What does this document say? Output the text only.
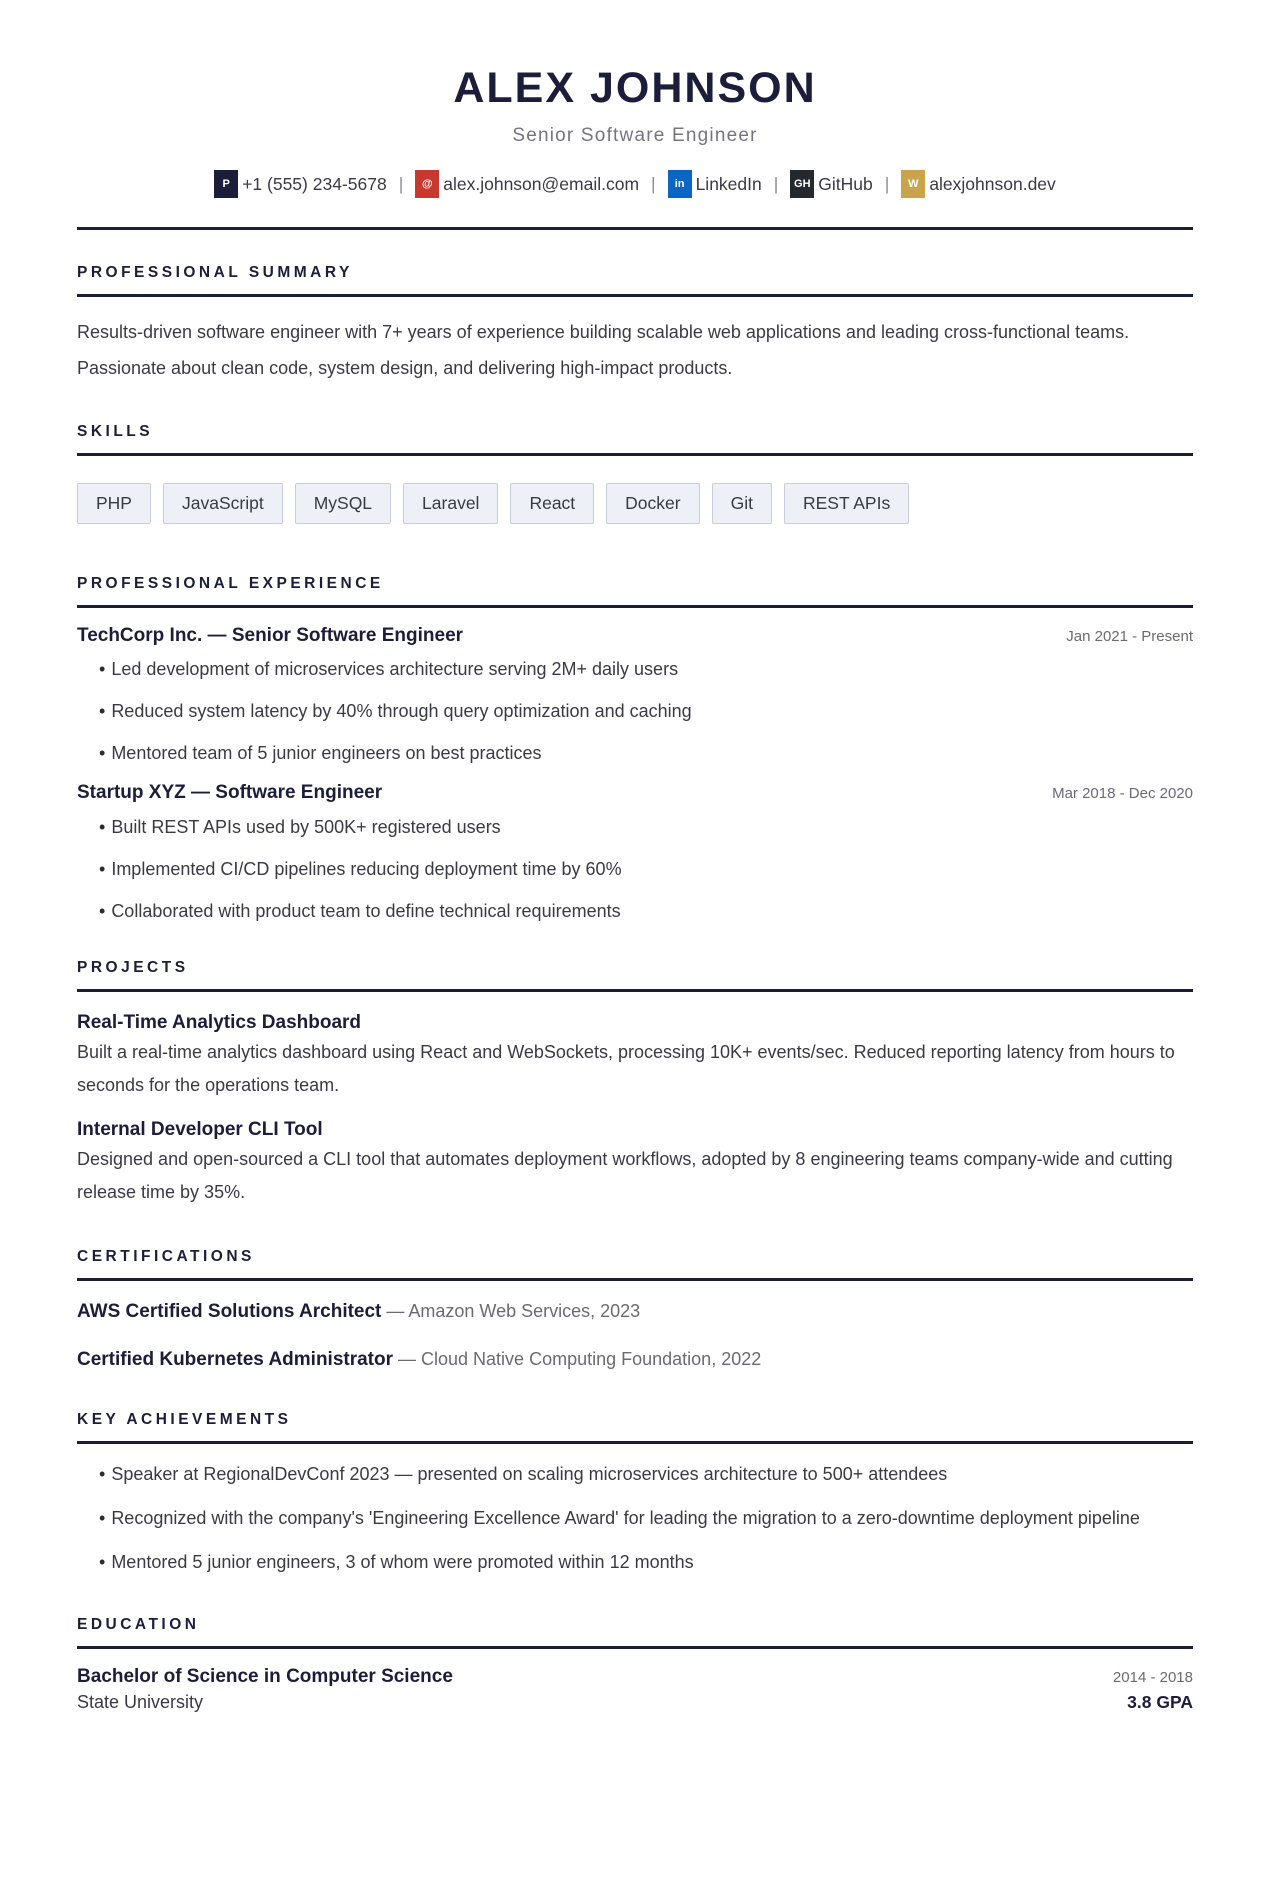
ALEX JOHNSON
Senior Software Engineer
P +1 (555) 234-5678 |	@ alex.johnson@email.com |	in LinkedIn |	GH GitHub |	W alexjohnson.dev
PROFESSIONAL SUMMARY

Results-driven software engineer with 7+ years of experience building scalable web applications and leading cross-functional teams. Passionate about clean code, system design, and delivering high-impact products.

SKILLS
PHP	JavaScript	MySQL	Laravel	React	Docker	Git	REST APIs
PROFESSIONAL EXPERIENCE
TechCorp Inc. — Senior Software Engineer	Jan 2021 - Present
• Led development of microservices architecture serving 2M+ daily users
• Reduced system latency by 40% through query optimization and caching
• Mentored team of 5 junior engineers on best practices
Startup XYZ — Software Engineer	Mar 2018 - Dec 2020
• Built REST APIs used by 500K+ registered users
• Implemented CI/CD pipelines reducing deployment time by 60%
• Collaborated with product team to define technical requirements
PROJECTS
Real-Time Analytics Dashboard

Built a real-time analytics dashboard using React and WebSockets, processing 10K+ events/sec. Reduced reporting latency from hours to seconds for the operations team.

Internal Developer CLI Tool

Designed and open-sourced a CLI tool that automates deployment workflows, adopted by 8 engineering teams company-wide and cutting release time by 35%.

CERTIFICATIONS
AWS Certified Solutions Architect — Amazon Web Services, 2023
Certified Kubernetes Administrator — Cloud Native Computing Foundation, 2022
KEY ACHIEVEMENTS
• Speaker at RegionalDevConf 2023 — presented on scaling microservices architecture to 500+ attendees
• Recognized with the company's 'Engineering Excellence Award' for leading the migration to a zero-downtime deployment pipeline
• Mentored 5 junior engineers, 3 of whom were promoted within 12 months
EDUCATION
Bachelor of Science in Computer Science	2014 - 2018
State University	3.8 GPA
